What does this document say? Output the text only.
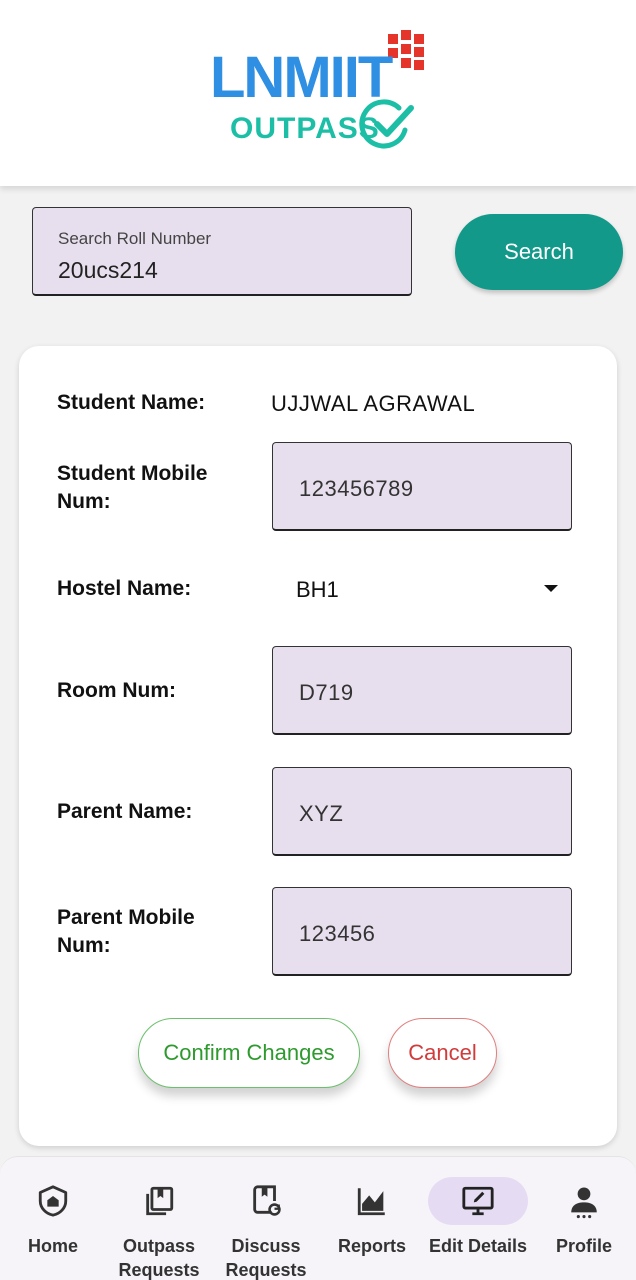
LNMIIT
OUTPASS
Search Roll Number
20ucs214
Search
Student Name:	UJJWAL AGRAWAL
Student Mobile Num:
123456789
Hostel Name:	BH1
Room Num:	D719
Parent Name:	XYZ
Parent Mobile Num:	123456
Confirm Changes	Cancel
Home	Outpass Requests
Discuss Requests
Reports	Edit Details	Profile
